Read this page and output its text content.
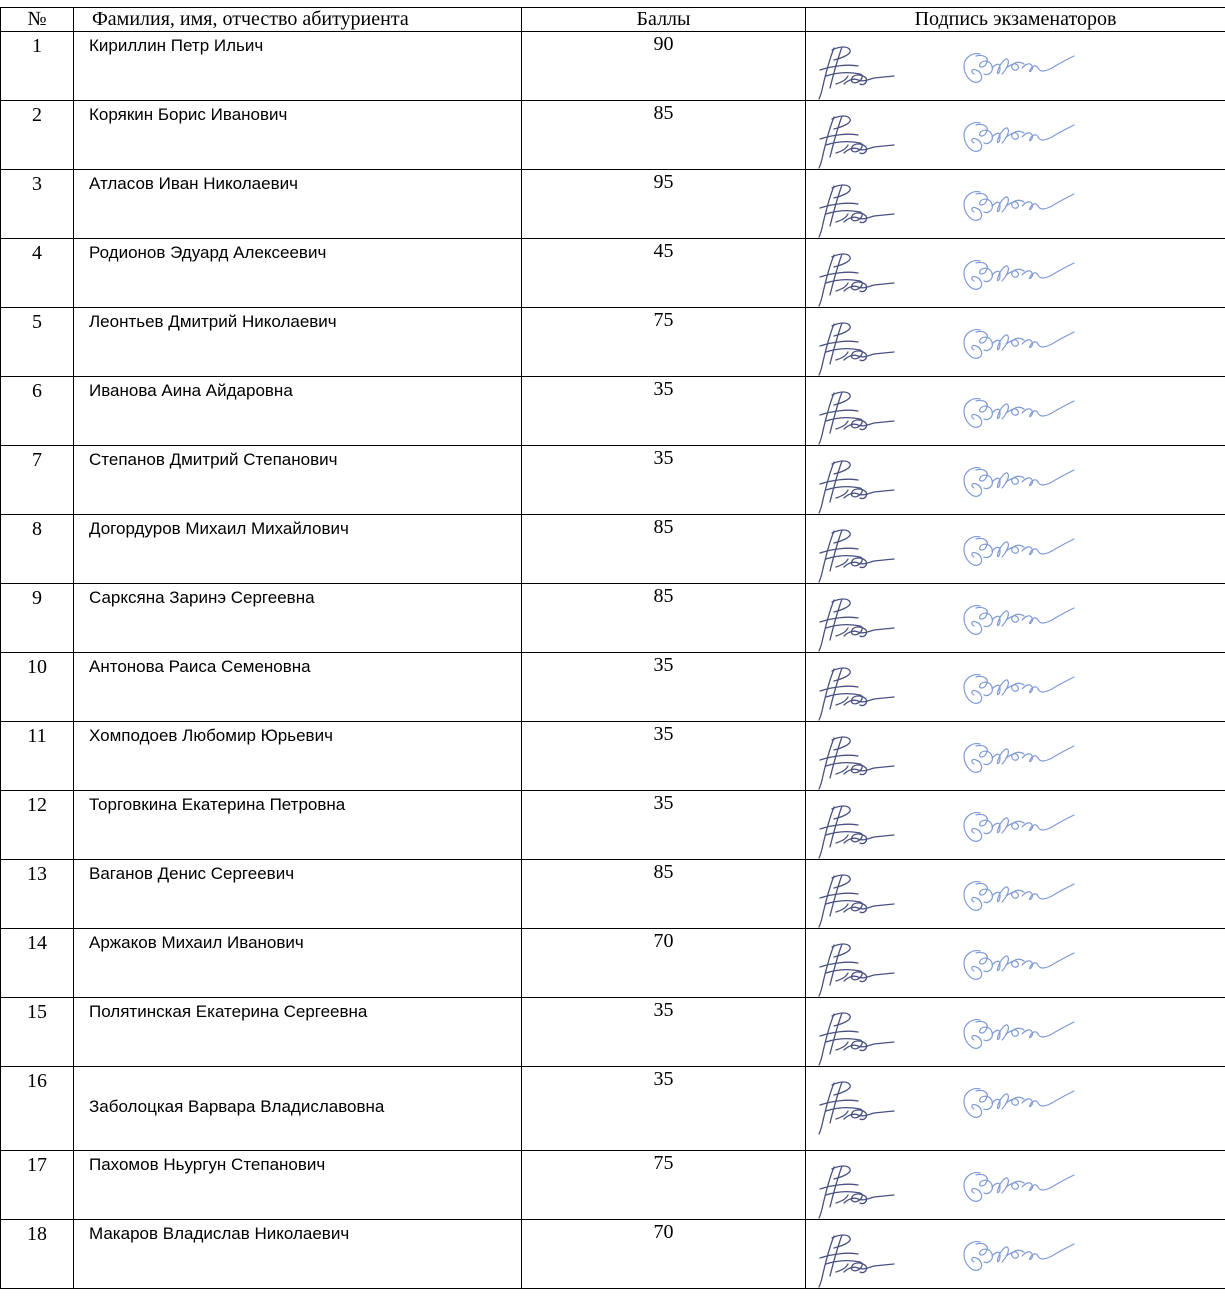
№	Фамилия, имя, отчество абитуриента	Баллы	Подпись экзаменаторов
1	Кириллин Петр Ильич	90	

2	Корякин Борис Иванович	85	

3	Атласов Иван Николаевич	95	

4	Родионов Эдуард Алексеевич	45	

5	Леонтьев Дмитрий Николаевич	75	

6	Иванова Аина Айдаровна	35	

7	Степанов Дмитрий Степанович	35	

8	Догордуров Михаил Михайлович	85	

9	Сарксяна Заринэ Сергеевна	85	

10	Антонова Раиса Семеновна	35	

11	Хомподоев Любомир Юрьевич	35	

12	Торговкина Екатерина Петровна	35	

13	Ваганов Денис Сергеевич	85	

14	Аржаков Михаил Иванович	70	

15	Полятинская Екатерина Сергеевна	35	

16	Заболоцкая Варвара Владиславовна	35	

17	Пахомов Ньургун Степанович	75	

18	Макаров Владислав Николаевич	70	
